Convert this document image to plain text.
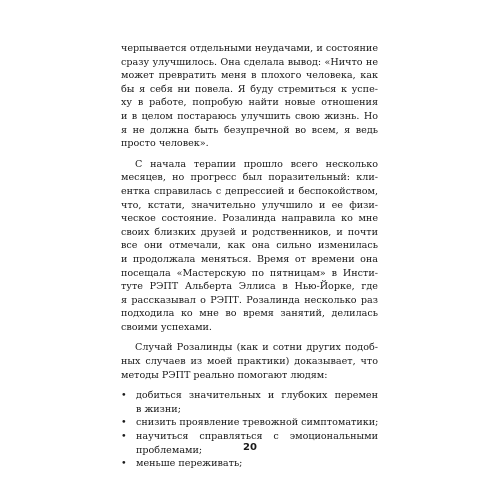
черпывается отдельными неудачами, и состояние
сразу улучшилось. Она сделала вывод: «Ничто не
может превратить меня в плохого человека, как
бы я себя ни повела. Я буду стремиться к успе-
ху в работе, попробую найти новые отношения
и в целом постараюсь улучшить свою жизнь. Но
я не должна быть безупречной во всем, я ведь
просто человек».
С начала терапии прошло всего несколько
месяцев, но прогресс был поразительный: кли-
ентка справилась с депрессией и беспокойством,
что, кстати, значительно улучшило и ее физи-
ческое состояние. Розалинда направила ко мне
своих близких друзей и родственников, и почти
все они отмечали, как она сильно изменилась
и продолжала меняться. Время от времени она
посещала «Мастерскую по пятницам» в Инсти-
туте РЭПТ Альберта Эллиса в Нью-Йорке, где
я рассказывал о РЭПТ. Розалинда несколько раз
подходила ко мне во время занятий, делилась
своими успехами.
Случай Розалинды (как и сотни других подоб-
ных случаев из моей практики) доказывает, что
методы РЭПТ реально помогают людям:
• добиться значительных и глубоких перемен
в жизни;
• снизить проявление тревожной симптоматики;
• научиться справляться с эмоциональными
проблемами;
• меньше переживать;
20
